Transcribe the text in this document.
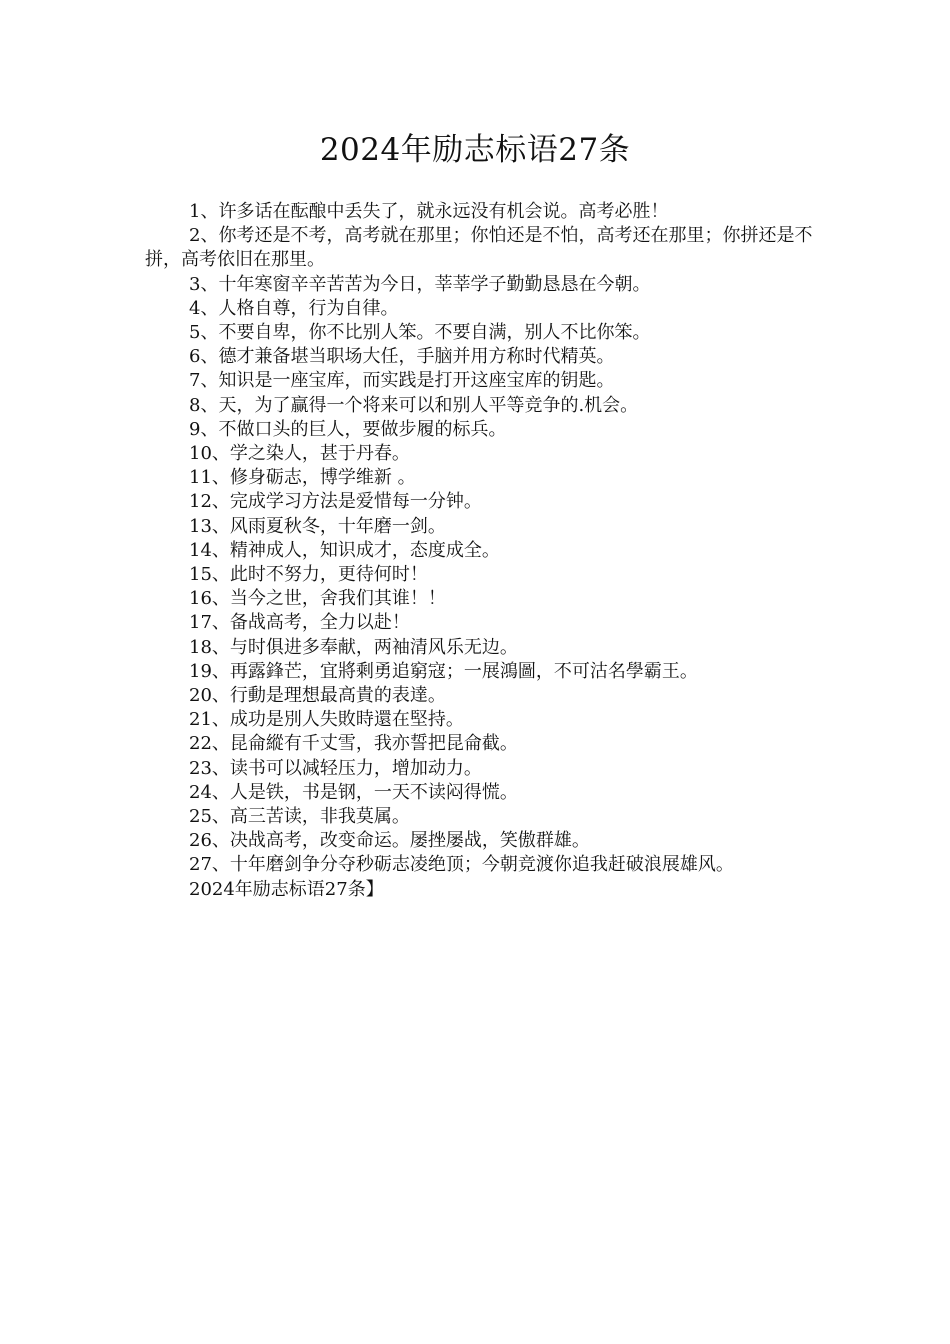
2024年励志标语27条

1、许多话在酝酿中丢失了，就永远没有机会说。高考必胜！

2、你考还是不考，高考就在那里；你怕还是不怕，高考还在那里；你拼还是不拼，高考依旧在那里。

3、十年寒窗辛辛苦苦为今日，莘莘学子勤勤恳恳在今朝。

4、人格自尊，行为自律。

5、不要自卑，你不比别人笨。不要自满，别人不比你笨。

6、德才兼备堪当职场大任，手脑并用方称时代精英。

7、知识是一座宝库，而实践是打开这座宝库的钥匙。

8、天，为了赢得一个将来可以和别人平等竞争的.机会。

9、不做口头的巨人，要做步履的标兵。

10、学之染人，甚于丹春。

11、修身砺志，博学维新 。

12、完成学习方法是爱惜每一分钟。

13、风雨夏秋冬，十年磨一剑。

14、精神成人，知识成才，态度成全。

15、此时不努力，更待何时！

16、当今之世，舍我们其谁！！

17、备战高考，全力以赴！

18、与时俱进多奉献，两袖清风乐无边。

19、再露鋒芒，宜將剩勇追窮寇；一展鴻圖，不可沽名學霸王。

20、行動是理想最高貴的表達。

21、成功是別人失敗時還在堅持。

22、昆侖縱有千丈雪，我亦誓把昆侖截。

23、读书可以减轻压力，增加动力。

24、人是铁，书是钢，一天不读闷得慌。

25、高三苦读，非我莫属。

26、决战高考，改变命运。屡挫屡战，笑傲群雄。

27、十年磨剑争分夺秒砺志凌绝顶；今朝竞渡你追我赶破浪展雄风。

2024年励志标语27条】
